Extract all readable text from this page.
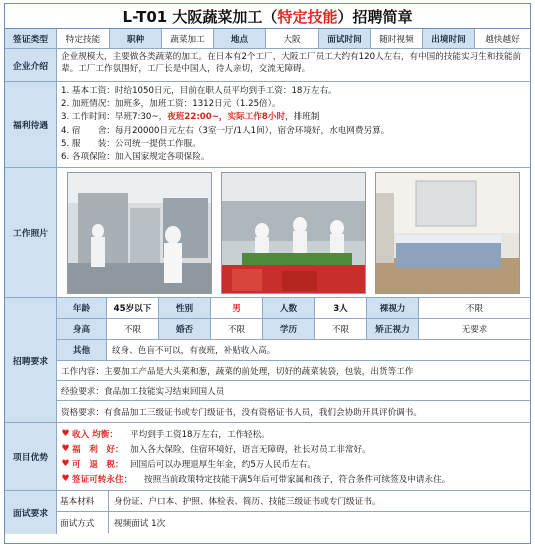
L-T01 大阪蔬菜加工（ 特定技能 ）招聘简章
签证类型	特定技能	职种	蔬菜加工	地点	大阪	面试时间	随时视频	出境时间	越快越好
企业介绍
企业规模大，主要做各类蔬菜的加工。在日本有2个工厂，大阪工厂员工大约有120人左右，有中国的技能实习生和技能前辈。工厂工作氛围好，工厂长是中国人，待人亲切，交流无障碍。
福利待遇
1. 基本工资：时给1050日元，目前在职人员平均到手工资：18万左右。
2. 加班情况：加班多，加班工资：1312日元（1.25倍）。
3. 工作时间：早班7:30~，夜班22:00~，实际工作8小时，排班制
4. 宿　　舍：每月20000日元左右（3室一厅/1人1间），宿舍环境好，水电网费另算。
5. 服　　装：公司统一提供工作服。
6. 各项保险：加入国家规定各项保险。
工作照片
招聘要求
年龄	45岁以下	性别	男	人数	3人	裸视力	不限
身高	不限	婚否	不限	学历	不限	矫正视力	无要求
其他	纹身、色盲不可以，有夜班，补贴收入高。
工作内容：主要加工产品是大头菜和葱，蔬菜的前处理，切好的蔬菜装袋，包装，出货等工作
经验要求：食品加工技能实习结束回国人员
资格要求：有食品加工三级证书或专门级证书，没有资格证书人员，我们会协助开具评价调书。
项目优势
♥ 收入 均衡：	平均到手工资18万左右，工作轻松。
♥ 福　利　好： 加入各大保险，住宿环境好，语言无障碍，社长对员工非常好。
♥ 可　退　税： 回国后可以办理退厚生年金，约5万人民币左右。
♥ 签证可转永住：	按照当前政策特定技能干满5年后可带家属和孩子，符合条件可续签及申请永住。
面试要求
基本材料	身份证、户口本、护照、体检表、简历、技能三级证书或专门级证书。
面试方式	视频面试 1次
